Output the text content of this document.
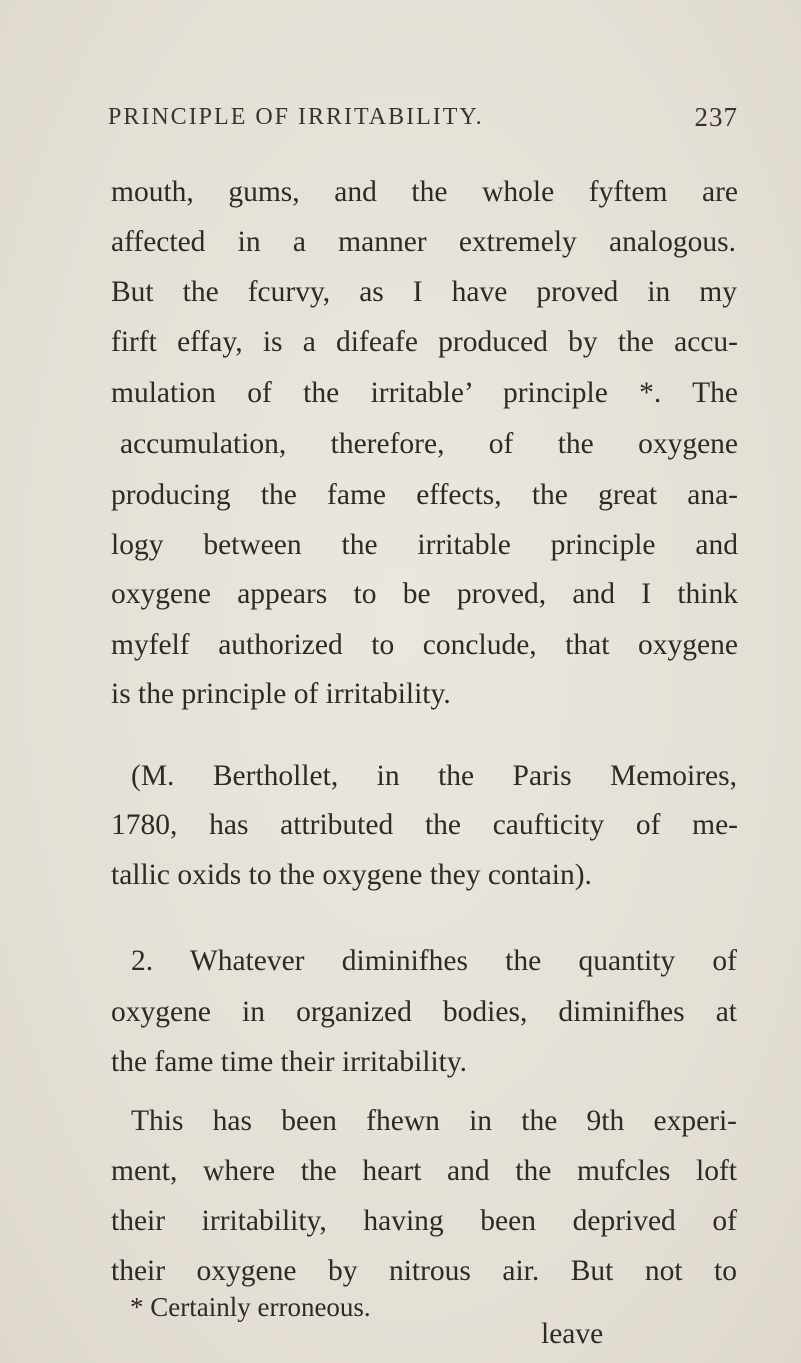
PRINCIPLE OF IRRITABILITY.	237
mouth, gums, and the whole fyftem are
affected in a manner extremely analogous.
But the fcurvy, as I have proved in my
firft effay, is a difeafe produced by the accu-
mulation of the irritable’ principle *. The
accumulation, therefore, of the oxygene
producing the fame effects, the great ana-
logy between the irritable principle and
oxygene appears to be proved, and I think
myfelf authorized to conclude, that oxygene
is the principle of irritability.
(M. Berthollet, in the Paris Memoires,
1780, has attributed the caufticity of me-
tallic oxids to the oxygene they contain).
2. Whatever diminifhes the quantity of
oxygene in organized bodies, diminifhes at
the fame time their irritability.
This has been fhewn in the 9th experi-
ment, where the heart and the mufcles loft
their irritability, having been deprived of
their oxygene by nitrous air. But not to
* Certainly erroneous.
leave
